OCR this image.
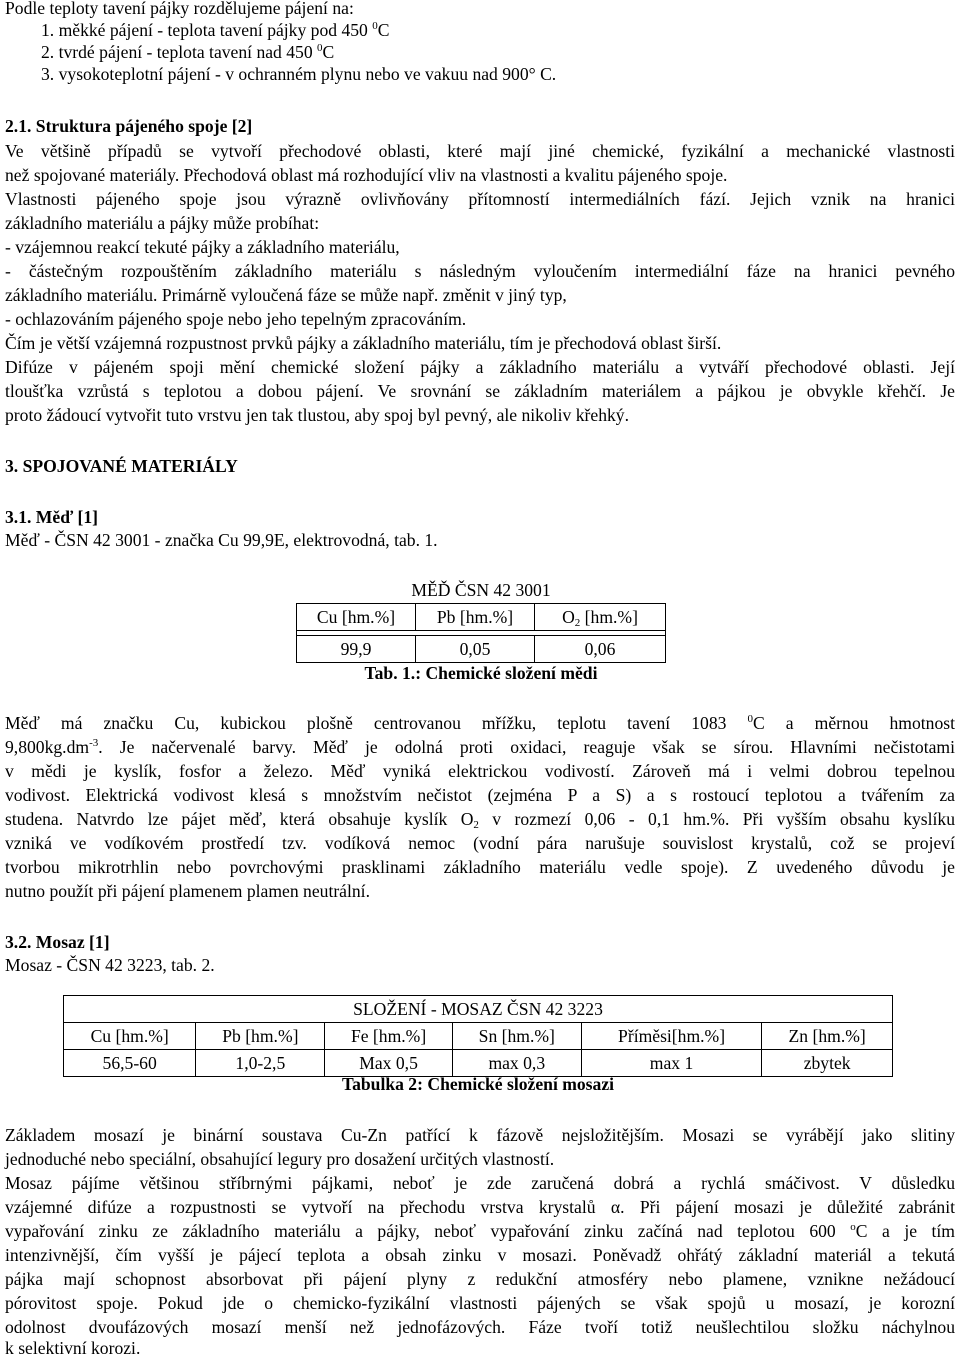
Podle teploty tavení pájky rozdělujeme pájení na:
1. měkké pájení - teplota tavení pájky pod 450 $^0$C
2. tvrdé pájení - teplota tavení nad 450 $^0$C
3. vysokoteplotní pájení - v ochranném plynu nebo ve vakuu nad 900° C.
2.1. Struktura pájeného spoje [2]
Ve většině případů se vytvoří přechodové oblasti, které mají jiné chemické, fyzikální a mechanické vlastnosti
než spojované materiály. Přechodová oblast má rozhodující vliv na vlastnosti a kvalitu pájeného spoje.
Vlastnosti pájeného spoje jsou výrazně ovlivňovány přítomností intermediálních fází. Jejich vznik na hranici
základního materiálu a pájky může probíhat:
- vzájemnou reakcí tekuté pájky a základního materiálu,
- částečným rozpouštěním základního materiálu s následným vyloučením intermediální fáze na hranici pevného
základního materiálu. Primárně vyloučená fáze se může např. změnit v jiný typ,
- ochlazováním pájeného spoje nebo jeho tepelným zpracováním.
Čím je větší vzájemná rozpustnost prvků pájky a základního materiálu, tím je přechodová oblast širší.
Difúze v pájeném spoji mění chemické složení pájky a základního materiálu a vytváří přechodové oblasti. Její
tloušťka vzrůstá s teplotou a dobou pájení. Ve srovnání se základním materiálem a pájkou je obvykle křehčí. Je
proto žádoucí vytvořit tuto vrstvu jen tak tlustou, aby spoj byl pevný, ale nikoliv křehký.
3. SPOJOVANÉ MATERIÁLY
3.1. Měď [1]
Měď - ČSN 42 3001 - značka Cu 99,9E, elektrovodná, tab. 1.
MĚĎ ČSN 42 3001		
Cu [hm.%]	Pb [hm.%]	$O_2$ [hm.%]

99,9	0,05	0,06
Tab. 1.: Chemické složení mědi
Měď má značku Cu, kubickou plošně centrovanou mřížku, teplotu tavení 1083 $^0$C a měrnou hmotnost
$9,800kg.dm^{-3}$. Je načervenalé barvy. Měď je odolná proti oxidaci, reaguje však se sírou. Hlavními nečistotami
v mědi je kyslík, fosfor a železo. Měď vyniká elektrickou vodivostí. Zároveň má i velmi dobrou tepelnou
vodivost. Elektrická vodivost klesá s množstvím nečistot (zejména P a S) a s rostoucí teplotou a tvářením za
studena. Natvrdo lze pájet měď, která obsahuje kyslík $O_2$ v rozmezí 0,06 - 0,1 hm.%. Při vyšším obsahu kyslíku
vzniká ve vodíkovém prostředí tzv. vodíková nemoc (vodní pára narušuje souvislost krystalů, což se projeví
tvorbou mikrotrhlin nebo povrchovými prasklinami základního materiálu vedle spoje). Z uvedeného důvodu je
nutno použít při pájení plamenem plamen neutrální.
3.2. Mosaz [1]
Mosaz - ČSN 42 3223, tab. 2.
SLOŽENÍ - MOSAZ ČSN 42 3223					
Cu [hm.%]	Pb [hm.%]	Fe [hm.%]	Sn [hm.%]	Příměsi[hm.%]	Zn [hm.%]
56,5-60	1,0-2,5	Max 0,5	max 0,3	max 1	zbytek
Tabulka 2: Chemické složení mosazi
Základem mosazí je binární soustava Cu-Zn patřící k fázově nejsložitějším. Mosazi se vyrábějí jako slitiny
jednoduché nebo speciální, obsahující legury pro dosažení určitých vlastností.
Mosaz pájíme většinou stříbrnými pájkami, neboť je zde zaručená dobrá a rychlá smáčivost. V důsledku
vzájemné difúze a rozpustnosti se vytvoří na přechodu vrstva krystalů α. Při pájení mosazi je důležité zabránit
vypařování zinku ze základního materiálu a pájky, neboť vypařování zinku začíná nad teplotou 600 $^o$C a je tím
intenzivnější, čím vyšší je pájecí teplota a obsah zinku v mosazi. Poněvadž ohřátý základní materiál a tekutá
pájka mají schopnost absorbovat při pájení plyny z redukční atmosféry nebo plamene, vznikne nežádoucí
pórovitost spoje. Pokud jde o chemicko-fyzikální vlastnosti pájených se však spojů u mosazí, je korozní
odolnost dvoufázových mosazí menší než jednofázových. Fáze tvoří totiž neušlechtilou složku náchylnou
k selektivní korozi.
